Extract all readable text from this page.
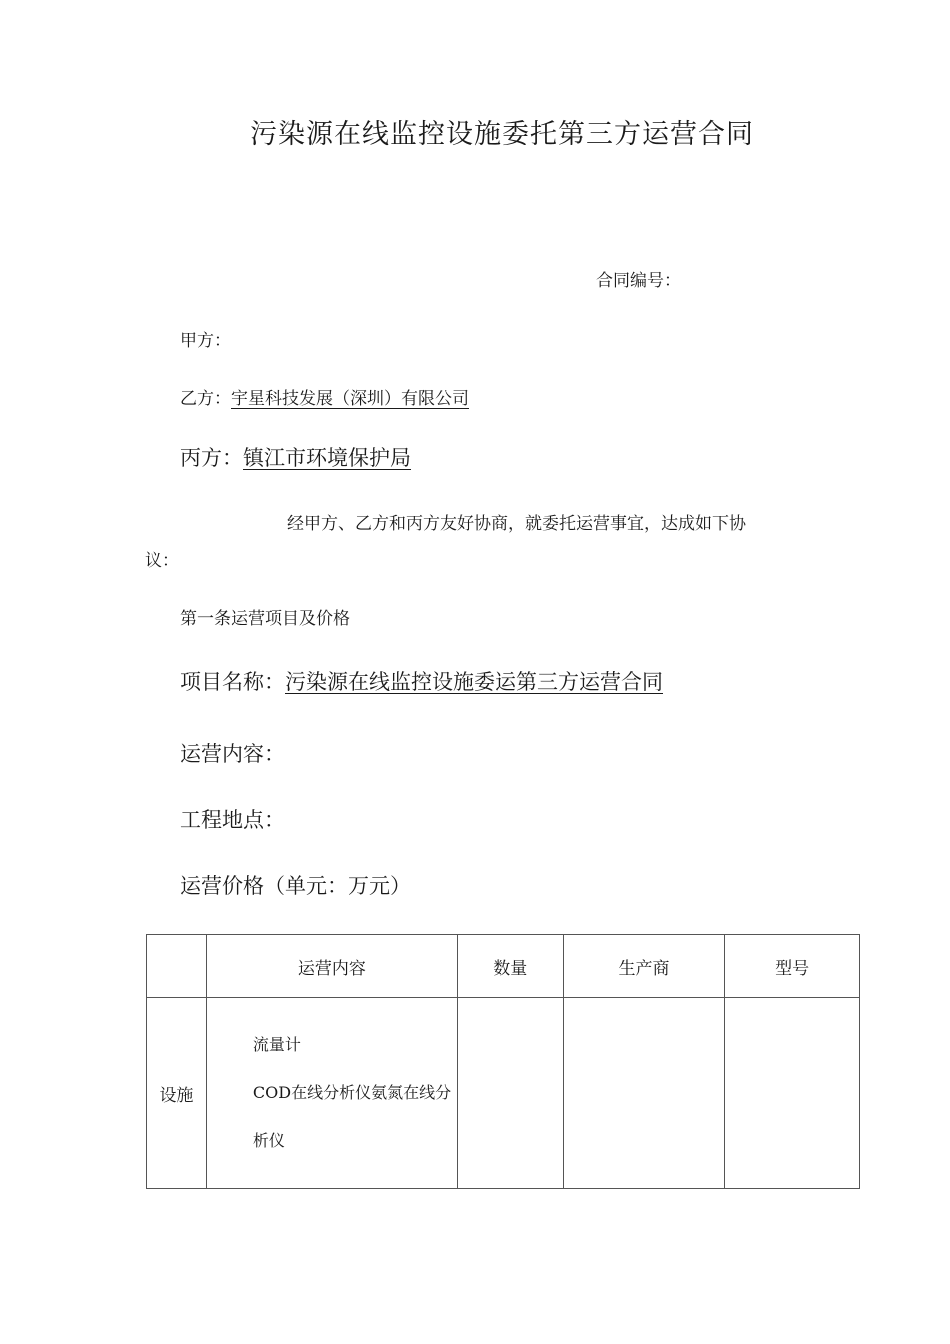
污染源在线监控设施委托第三方运营合同
合同编号：
甲方：
乙方：宇星科技发展（深圳）有限公司
丙方：镇江市环境保护局
经甲方、乙方和丙方友好协商，就委托运营事宜，达成如下协
议：
第一条运营项目及价格
项目名称：污染源在线监控设施委运第三方运营合同
运营内容：
工程地点：
运营价格（单元：万元）
	运营内容	数量	生产商	型号
设施	流量计
COD在线分析仪氨氮在线分
析仪			
